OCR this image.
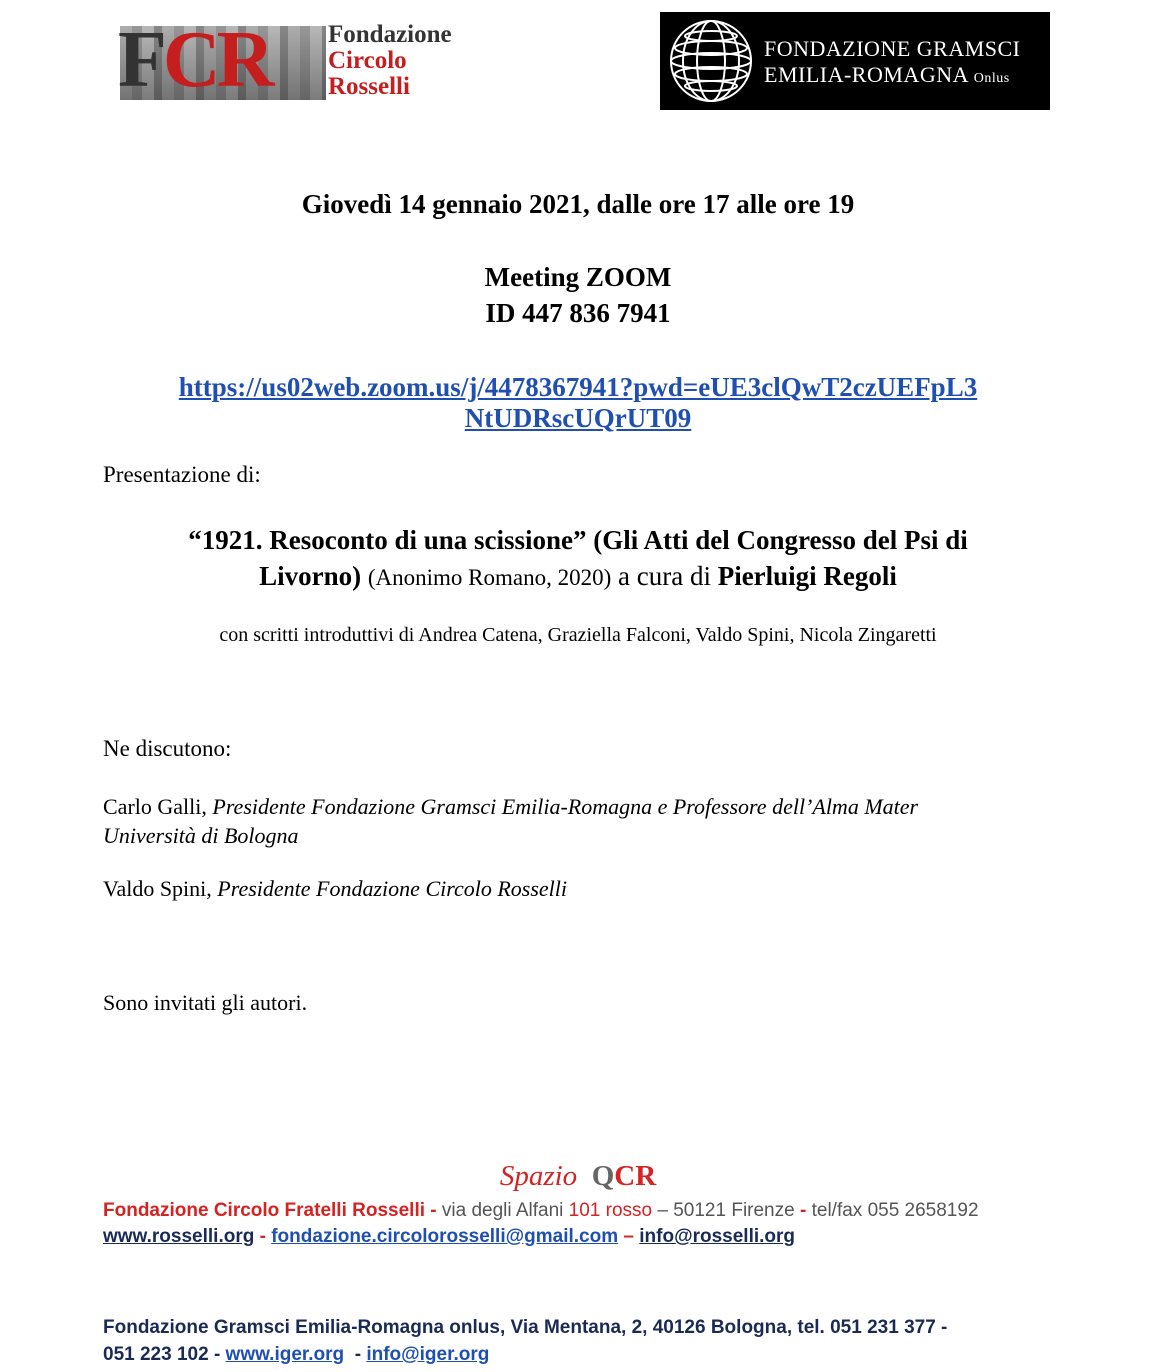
FCR Fondazione
Circolo
Rosselli
FONDAZIONE GRAMSCI
EMILIA-ROMAGNA Onlus
Giovedì 14 gennaio 2021, dalle ore 17 alle ore 19
Meeting ZOOM
ID 447 836 7941
https://us02web.zoom.us/j/4478367941?pwd=eUE3clQwT2czUEFpL3
NtUDRscUQrUT09
Presentazione di:
“1921. Resoconto di una scissione” (Gli Atti del Congresso del Psi di
Livorno) (Anonimo Romano, 2020) a cura di Pierluigi Regoli
con scritti introduttivi di Andrea Catena, Graziella Falconi, Valdo Spini, Nicola Zingaretti
Ne discutono:
Carlo Galli, Presidente Fondazione Gramsci Emilia-Romagna e Professore dell’Alma Mater
Università di Bologna
Valdo Spini, Presidente Fondazione Circolo Rosselli
Sono invitati gli autori.
Spazio QCR
Fondazione Circolo Fratelli Rosselli - via degli Alfani 101 rosso – 50121 Firenze - tel/fax 055 2658192
www.rosselli.org - fondazione.circolorosselli@gmail.com – info@rosselli.org
Fondazione Gramsci Emilia-Romagna onlus, Via Mentana, 2, 40126 Bologna, tel. 051 231 377 -
051 223 102 - www.iger.org - info@iger.org
